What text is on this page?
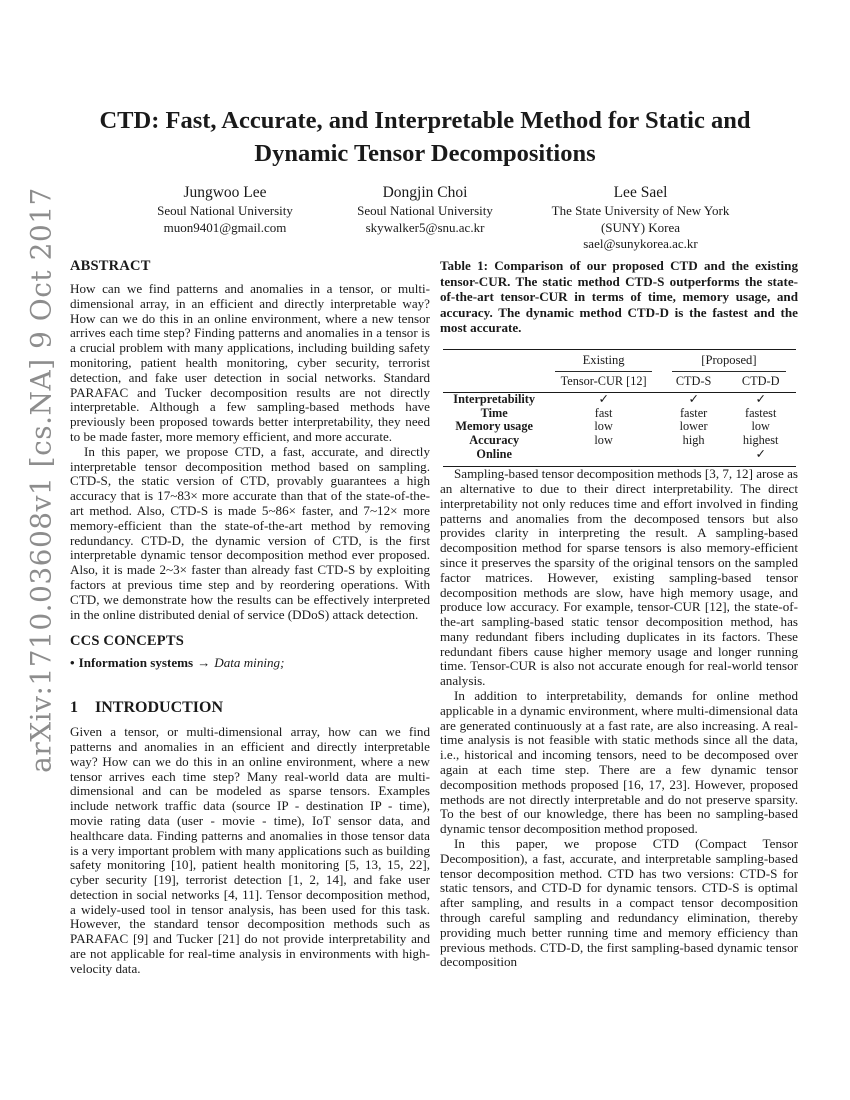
arXiv:1710.03608v1 [cs.NA] 9 Oct 2017
CTD: Fast, Accurate, and Interpretable Method for Static and
Dynamic Tensor Decompositions
Jungwoo Lee
Seoul National University
muon9401@gmail.com
Dongjin Choi
Seoul National University
skywalker5@snu.ac.kr
Lee Sael
The State University of New York
(SUNY) Korea
sael@sunykorea.ac.kr
ABSTRACT

How can we find patterns and anomalies in a tensor, or multi-dimensional array, in an efficient and directly interpretable way? How can we do this in an online environment, where a new tensor arrives each time step? Finding patterns and anomalies in a tensor is a crucial problem with many applications, including building safety monitoring, patient health monitoring, cyber security, terrorist detection, and fake user detection in social networks. Standard PARAFAC and Tucker decomposition results are not directly interpretable. Although a few sampling-based methods have previously been proposed towards better interpretability, they need to be made faster, more memory efficient, and more accurate.

In this paper, we propose CTD, a fast, accurate, and directly interpretable tensor decomposition method based on sampling. CTD-S, the static version of CTD, provably guarantees a high accuracy that is 17~83× more accurate than that of the state-of-the-art method. Also, CTD-S is made 5~86× faster, and 7~12× more memory-efficient than the state-of-the-art method by removing redundancy. CTD-D, the dynamic version of CTD, is the first interpretable dynamic tensor decomposition method ever proposed. Also, it is made 2~3× faster than already fast CTD-S by exploiting factors at previous time step and by reordering operations. With CTD, we demonstrate how the results can be effectively interpreted in the online distributed denial of service (DDoS) attack detection.

CCS CONCEPTS
• Information systems → Data mining;
1 INTRODUCTION

Given a tensor, or multi-dimensional array, how can we find patterns and anomalies in an efficient and directly interpretable way? How can we do this in an online environment, where a new tensor arrives each time step? Many real-world data are multi-dimensional and can be modeled as sparse tensors. Examples include network traffic data (source IP - destination IP - time), movie rating data (user - movie - time), IoT sensor data, and healthcare data. Finding patterns and anomalies in those tensor data is a very important problem with many applications such as building safety monitoring [10], patient health monitoring [5, 13, 15, 22], cyber security [19], terrorist detection [1, 2, 14], and fake user detection in social networks [4, 11]. Tensor decomposition method, a widely-used tool in tensor analysis, has been used for this task. However, the standard tensor decomposition methods such as PARAFAC [9] and Tucker [21] do not provide interpretability and are not applicable for real-time analysis in environments with high-velocity data.

Table 1: Comparison of our proposed CTD and the existing tensor-CUR. The static method CTD-S outperforms the state-of-the-art tensor-CUR in terms of time, memory usage, and accuracy. The dynamic method CTD-D is the fastest and the most accurate.

	Existing	[Proposed]	

	Tensor-CUR [12]	CTD-S	CTD-D
Interpretability	✓	✓	✓
Time	fast	faster	fastest
Memory usage	low	lower	low
Accuracy	low	high	highest
Online			✓

Sampling-based tensor decomposition methods [3, 7, 12] arose as an alternative to due to their direct interpretability. The direct interpretability not only reduces time and effort involved in finding patterns and anomalies from the decomposed tensors but also provides clarity in interpreting the result. A sampling-based decomposition method for sparse tensors is also memory-efficient since it preserves the sparsity of the original tensors on the sampled factor matrices. However, existing sampling-based tensor decomposition methods are slow, have high memory usage, and produce low accuracy. For example, tensor-CUR [12], the state-of-the-art sampling-based static tensor decomposition method, has many redundant fibers including duplicates in its factors. These redundant fibers cause higher memory usage and longer running time. Tensor-CUR is also not accurate enough for real-world tensor analysis.

In addition to interpretability, demands for online method applicable in a dynamic environment, where multi-dimensional data are generated continuously at a fast rate, are also increasing. A real-time analysis is not feasible with static methods since all the data, i.e., historical and incoming tensors, need to be decomposed over again at each time step. There are a few dynamic tensor decomposition methods proposed [16, 17, 23]. However, proposed methods are not directly interpretable and do not preserve sparsity. To the best of our knowledge, there has been no sampling-based dynamic tensor decomposition method proposed.

In this paper, we propose CTD (Compact Tensor Decomposition), a fast, accurate, and interpretable sampling-based tensor decomposition method. CTD has two versions: CTD-S for static tensors, and CTD-D for dynamic tensors. CTD-S is optimal after sampling, and results in a compact tensor decomposition through careful sampling and redundancy elimination, thereby providing much better running time and memory efficiency than previous methods. CTD-D, the first sampling-based dynamic tensor decomposition
